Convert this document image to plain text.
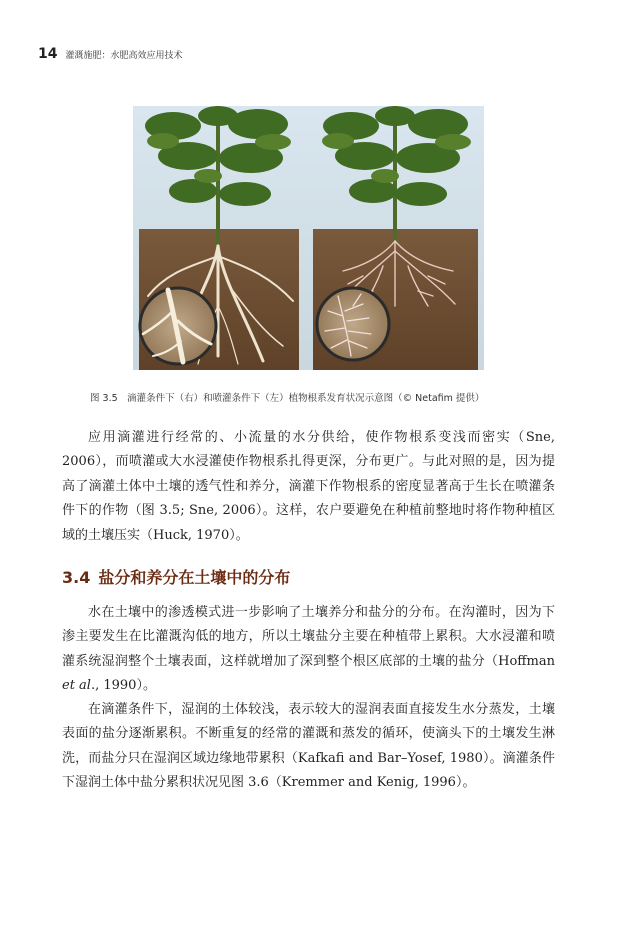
14 灌溉施肥：水肥高效应用技术
图 3.5　滴灌条件下（右）和喷灌条件下（左）植物根系发育状况示意图（© Netafim 提供）

应用滴灌进行经常的、小流量的水分供给，使作物根系变浅而密实（Sne, 2006），而喷灌或大水浸灌使作物根系扎得更深，分布更广。与此对照的是，因为提高了滴灌土体中土壤的透气性和养分，滴灌下作物根系的密度显著高于生长在喷灌条件下的作物（图 3.5; Sne, 2006）。这样，农户要避免在种植前整地时将作物种植区域的土壤压实（Huck, 1970）。

3.4 盐分和养分在土壤中的分布

水在土壤中的渗透模式进一步影响了土壤养分和盐分的分布。在沟灌时，因为下渗主要发生在比灌溉沟低的地方，所以土壤盐分主要在种植带上累积。大水浸灌和喷灌系统湿润整个土壤表面，这样就增加了深到整个根区底部的土壤的盐分（Hoffman et al., 1990）。

在滴灌条件下，湿润的土体较浅，表示较大的湿润表面直接发生水分蒸发，土壤表面的盐分逐渐累积。不断重复的经常的灌溉和蒸发的循环，使滴头下的土壤发生淋洗，而盐分只在湿润区域边缘地带累积（Kafkafi and Bar–Yosef, 1980）。滴灌条件下湿润土体中盐分累积状况见图 3.6（Kremmer and Kenig, 1996）。
